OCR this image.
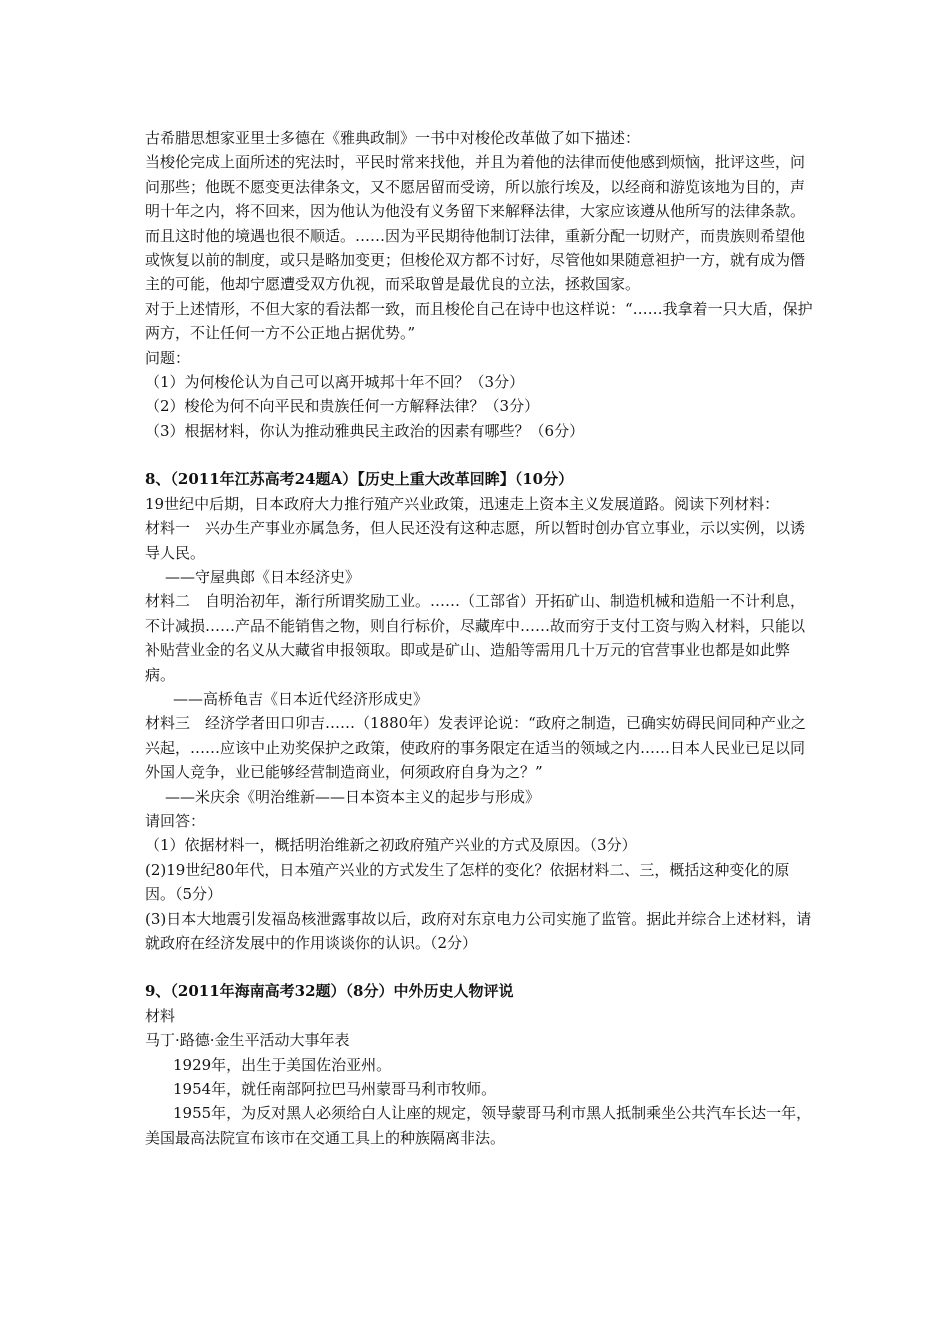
古希腊思想家亚里士多德在《雅典政制》一书中对梭伦改革做了如下描述：

当梭伦完成上面所述的宪法时，平民时常来找他，并且为着他的法律而使他感到烦恼，批评这些，问问那些；他既不愿变更法律条文，又不愿居留而受谤，所以旅行埃及，以经商和游览该地为目的，声明十年之内，将不回来，因为他认为他没有义务留下来解释法律，大家应该遵从他所写的法律条款。而且这时他的境遇也很不顺适。……因为平民期待他制订法律，重新分配一切财产，而贵族则希望他或恢复以前的制度，或只是略加变更；但梭伦双方都不讨好，尽管他如果随意袒护一方，就有成为僭主的可能，他却宁愿遭受双方仇视，而采取曾是最优良的立法，拯救国家。

对于上述情形，不但大家的看法都一致，而且梭伦自己在诗中也这样说：“……我拿着一只大盾，保护两方，不让任何一方不公正地占据优势。”

问题：

（1）为何梭伦认为自己可以离开城邦十年不回？（3分）

（2）梭伦为何不向平民和贵族任何一方解释法律？（3分）

（3）根据材料，你认为推动雅典民主政治的因素有哪些？（6分）

8、（2011年江苏高考24题A）【历史上重大改革回眸】（10分）

19世纪中后期，日本政府大力推行殖产兴业政策，迅速走上资本主义发展道路。阅读下列材料：

材料一　兴办生产事业亦属急务，但人民还没有这种志愿，所以暂时创办官立事业，示以实例，以诱导人民。

——守屋典郎《日本经济史》

材料二　自明治初年，渐行所谓奖励工业。……（工部省）开拓矿山、制造机械和造船一不计利息，不计减损……产品不能销售之物，则自行标价，尽藏库中……故而穷于支付工资与购入材料，只能以补贴营业金的名义从大藏省申报领取。即或是矿山、造船等需用几十万元的官营事业也都是如此弊病。

——高桥龟吉《日本近代经济形成史》

材料三　经济学者田口卯吉……（1880年）发表评论说：“政府之制造，已确实妨碍民间同种产业之兴起，……应该中止劝奖保护之政策，使政府的事务限定在适当的领域之内……日本人民业已足以同外国人竞争，业已能够经营制造商业，何须政府自身为之？”

——米庆余《明治维新——日本资本主义的起步与形成》

请回答：

（1）依据材料一，概括明治维新之初政府殖产兴业的方式及原因。（3分）

(2)19世纪80年代，日本殖产兴业的方式发生了怎样的变化？依据材料二、三，概括这种变化的原因。（5分）

(3)日本大地震引发福岛核泄露事故以后，政府对东京电力公司实施了监管。据此并综合上述材料，请就政府在经济发展中的作用谈谈你的认识。（2分）

9、（2011年海南高考32题）（8分）中外历史人物评说

材料

马丁·路德·金生平活动大事年表

1929年，出生于美国佐治亚州。

1954年，就任南部阿拉巴马州蒙哥马利市牧师。

1955年，为反对黑人必须给白人让座的规定，领导蒙哥马利市黑人抵制乘坐公共汽车长达一年，美国最高法院宣布该市在交通工具上的种族隔离非法。
